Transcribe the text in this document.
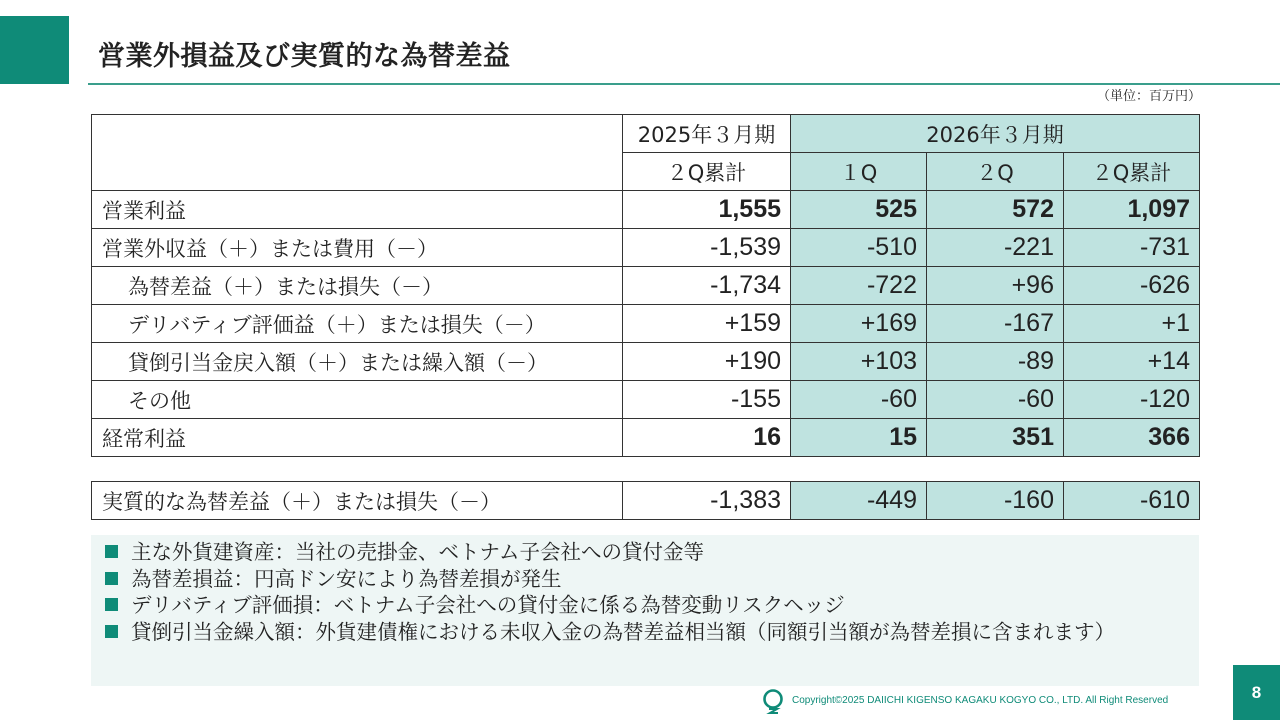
営業外損益及び実質的な為替差益
（単位：百万円）
	2025年３月期	2026年３月期		
	２Q累計	１Q	２Q	２Q累計
営業利益	1,555	525	572	1,097
営業外収益（＋）または費用（－）	-1,539	-510	-221	-731
為替差益（＋）または損失（－）	-1,734	-722	+96	-626
デリバティブ評価益（＋）または損失（－）	+159	+169	-167	+1
貸倒引当金戻入額（＋）または繰入額（－）	+190	+103	-89	+14
その他	-155	-60	-60	-120
経常利益	16	15	351	366
実質的な為替差益（＋）または損失（－）	-1,383	-449	-160	-610
主な外貨建資産：当社の売掛金、ベトナム子会社への貸付金等
為替差損益：円高ドン安により為替差損が発生
デリバティブ評価損：ベトナム子会社への貸付金に係る為替変動リスクヘッジ
貸倒引当金繰入額：外貨建債権における未収入金の為替差益相当額（同額引当額が為替差損に含まれます）
Copyright©2025 DAIICHI KIGENSO KAGAKU KOGYO CO., LTD. All Right Reserved	8
